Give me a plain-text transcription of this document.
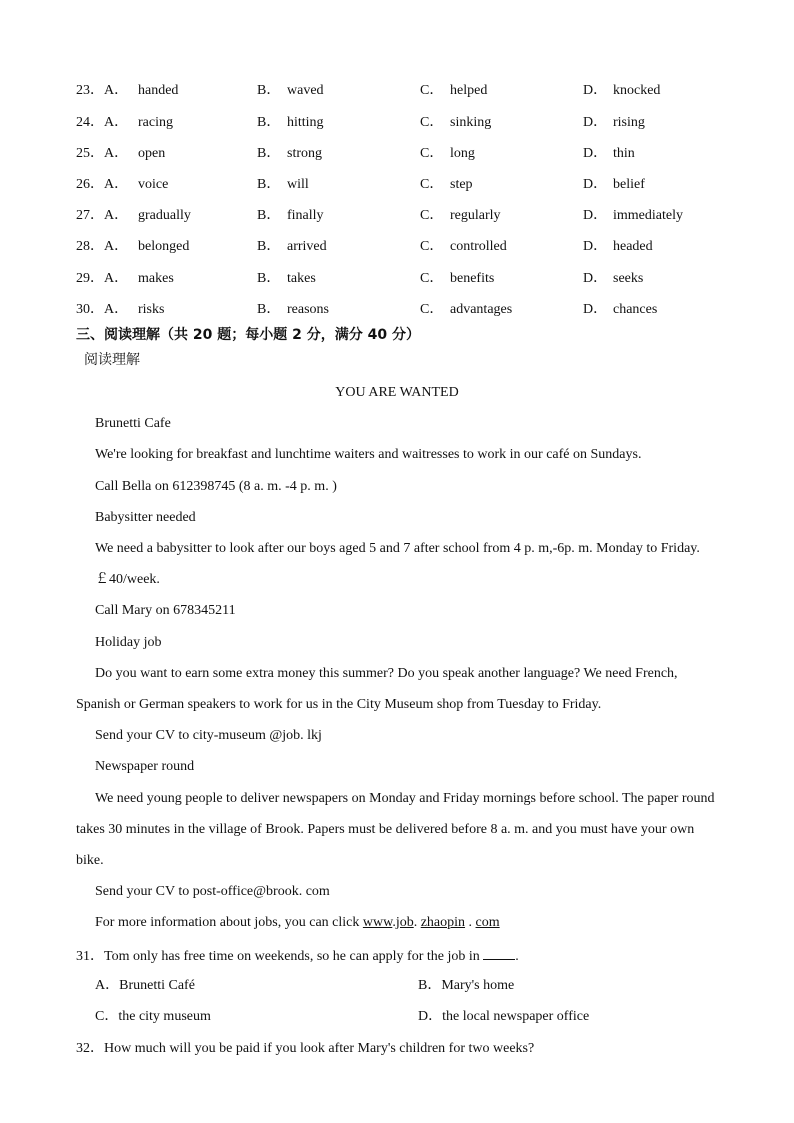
23． A． handed	B． waved	C． helped	D． knocked
24． A． racing	B． hitting	C． sinking	D． rising
25． A． open	B． strong	C． long	D． thin
26． A． voice	B． will	C． step	D． belief
27． A． gradually	B． finally	C． regularly	D． immediately
28． A． belonged	B． arrived	C． controlled	D． headed
29． A． makes	B． takes	C． benefits	D． seeks
30． A． risks	B． reasons	C． advantages	D． chances
三、阅读理解（共 20 题；每小题 2 分，满分 40 分）
阅读理解
YOU ARE WANTED
Brunetti Cafe
We're looking for breakfast and lunchtime waiters and waitresses to work in our café on Sundays.
Call Bella on 612398745 (8 a. m. -4 p. m. )
Babysitter needed
We need a babysitter to look after our boys aged 5 and 7 after school from 4 p. m,-6p. m. Monday to Friday.
￡40/week.
Call Mary on 678345211
Holiday job
Do you want to earn some extra money this summer? Do you speak another language? We need French,
Spanish or German speakers to work for us in the City Museum shop from Tuesday to Friday.
Send your CV to city-museum @job. lkj
Newspaper round
We need young people to deliver newspapers on Monday and Friday mornings before school. The paper round
takes 30 minutes in the village of Brook. Papers must be delivered before 8 a. m. and you must have your own
bike.
Send your CV to post-office@brook. com
For more information about jobs, you can click www.job. zhaopin . com
31．Tom only has free time on weekends, so he can apply for the job in .
A．Brunetti Café	B．Mary's home
C．the city museum	D．the local newspaper office
32．How much will you be paid if you look after Mary's children for two weeks?
